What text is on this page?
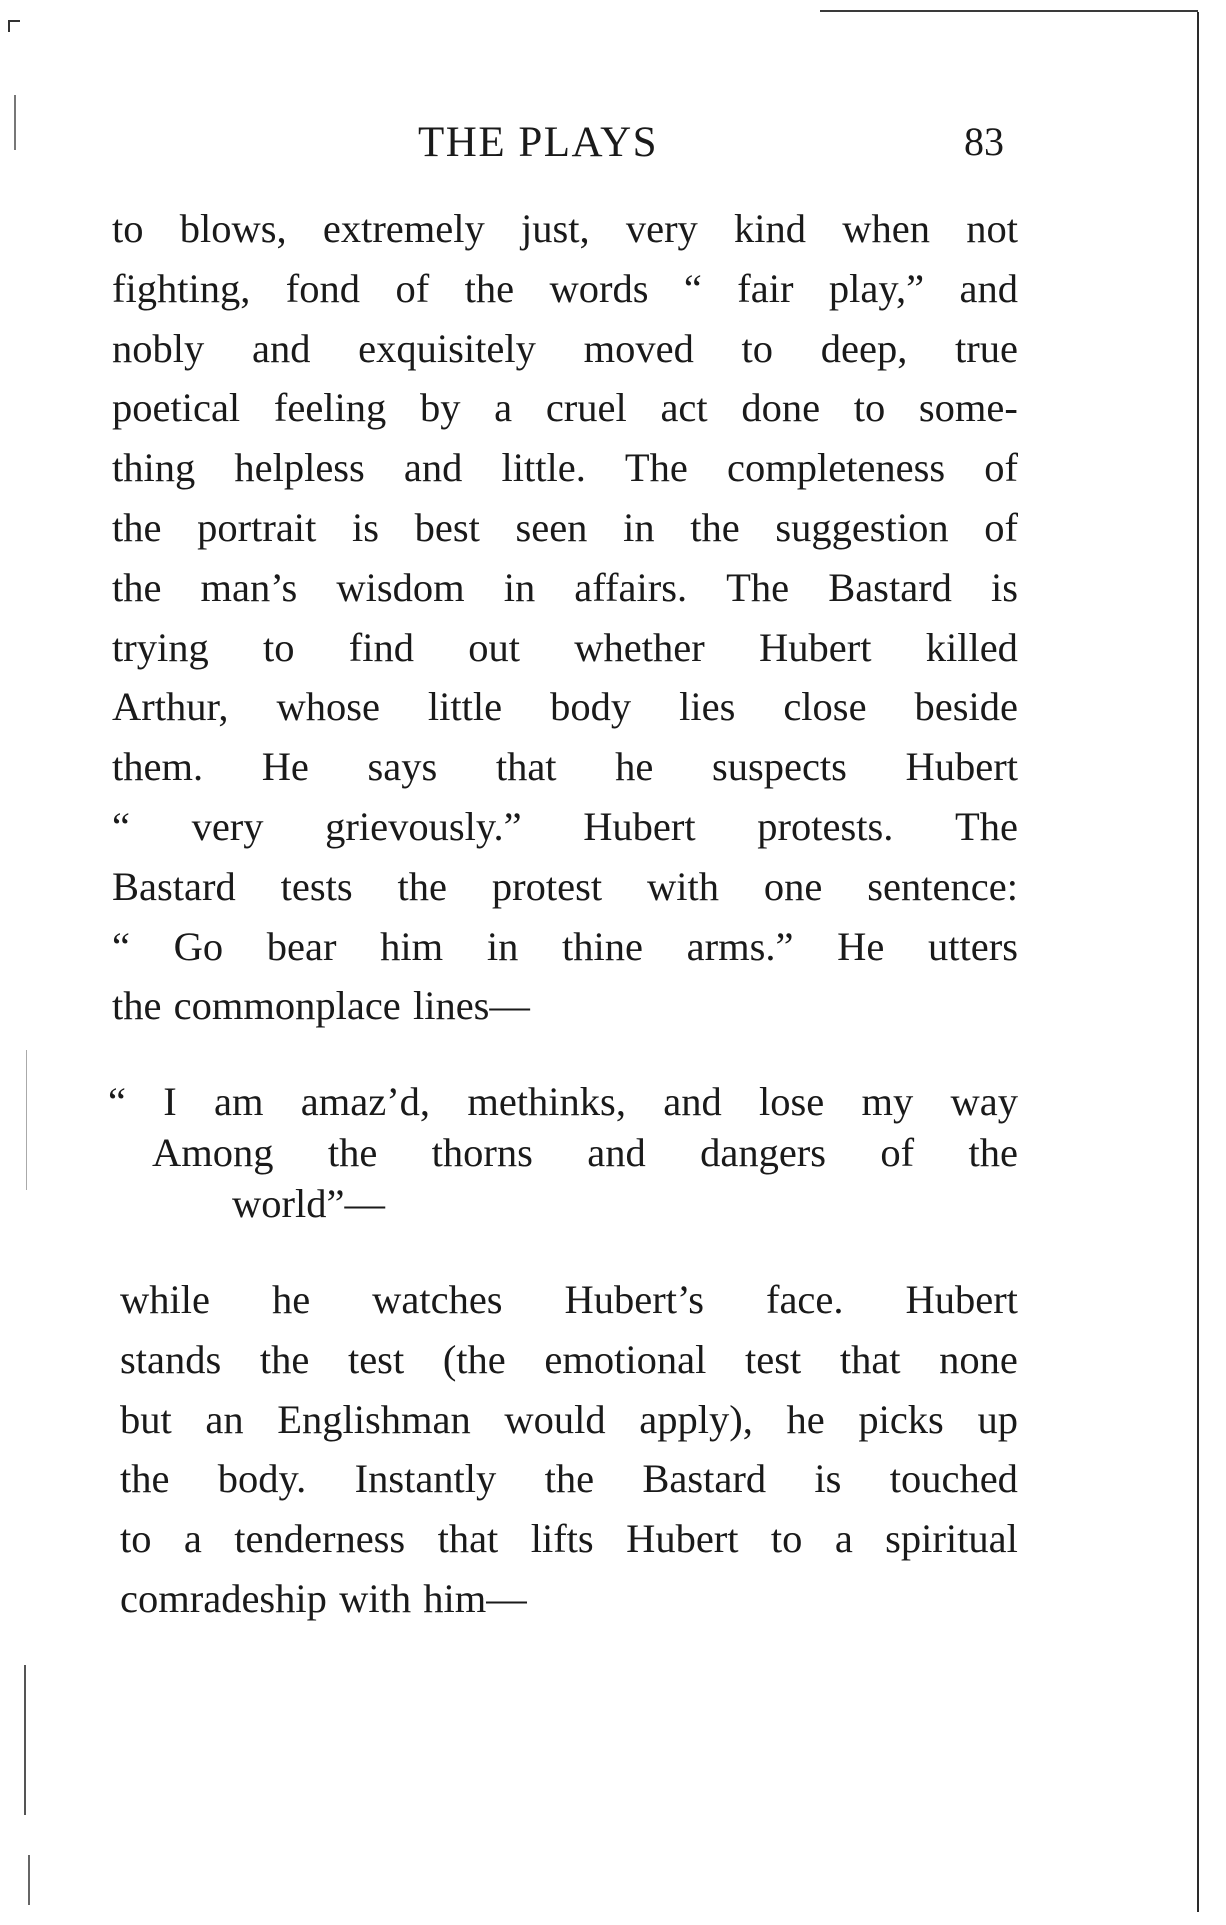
THE PLAYS	83
to blows, extremely just, very kind when not
fighting, fond of the words “ fair play,” and
nobly and exquisitely moved to deep, true
poetical feeling by a cruel act done to some-
thing helpless and little. The completeness of
the portrait is best seen in the suggestion of
the man’s wisdom in affairs. The Bastard is
trying to find out whether Hubert killed
Arthur, whose little body lies close beside
them. He says that he suspects Hubert
“ very grievously.” Hubert protests. The
Bastard tests the protest with one sentence:
“ Go bear him in thine arms.” He utters
the commonplace lines—
“ I am amaz’d, methinks, and lose my way
Among the thorns and dangers of the
world ”—
while he watches Hubert’s face. Hubert
stands the test (the emotional test that none
but an Englishman would apply), he picks up
the body. Instantly the Bastard is touched
to a tenderness that lifts Hubert to a spiritual
comradeship with him—
